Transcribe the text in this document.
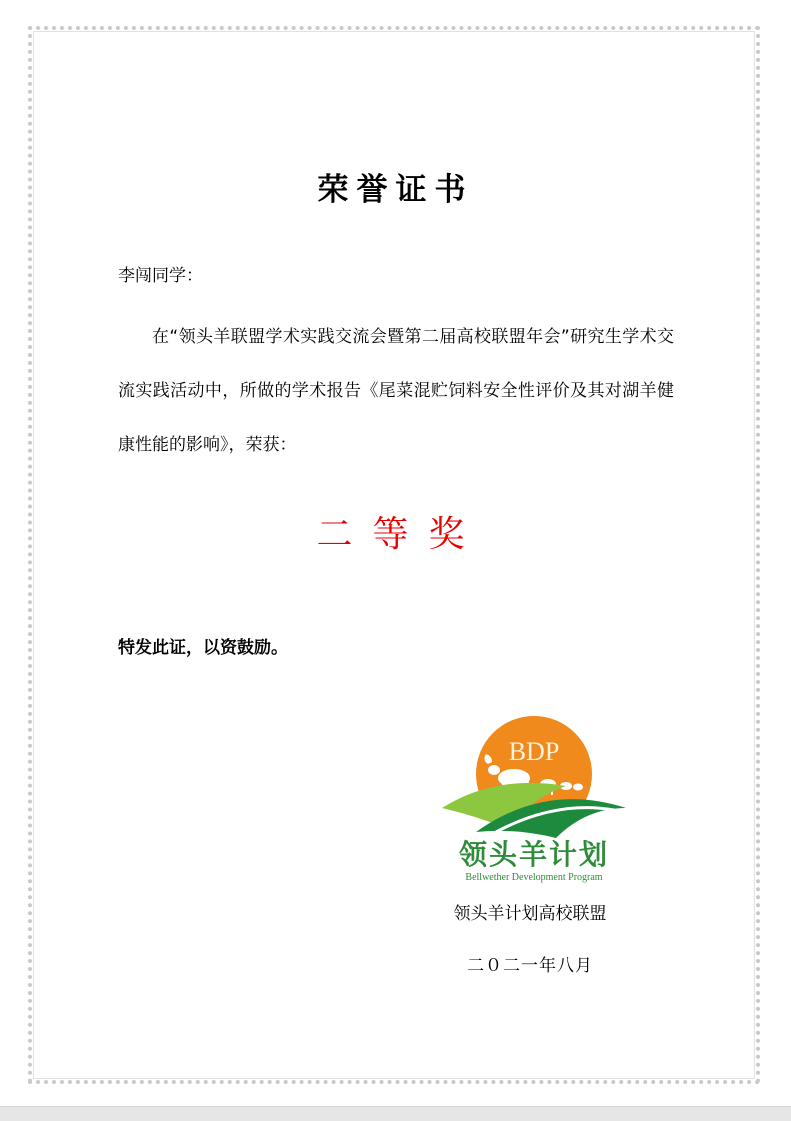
荣誉证书
李闯同学：
在“领头羊联盟学术实践交流会暨第二届高校联盟年会”研究生学术交流实践活动中，所做的学术报告《尾菜混贮饲料安全性评价及其对湖羊健康性能的影响》，荣获：
二等奖
特发此证，以资鼓励。
BDP
领头羊计划
Bellwether Development Program
领头羊计划高校联盟
二０二一年八月
